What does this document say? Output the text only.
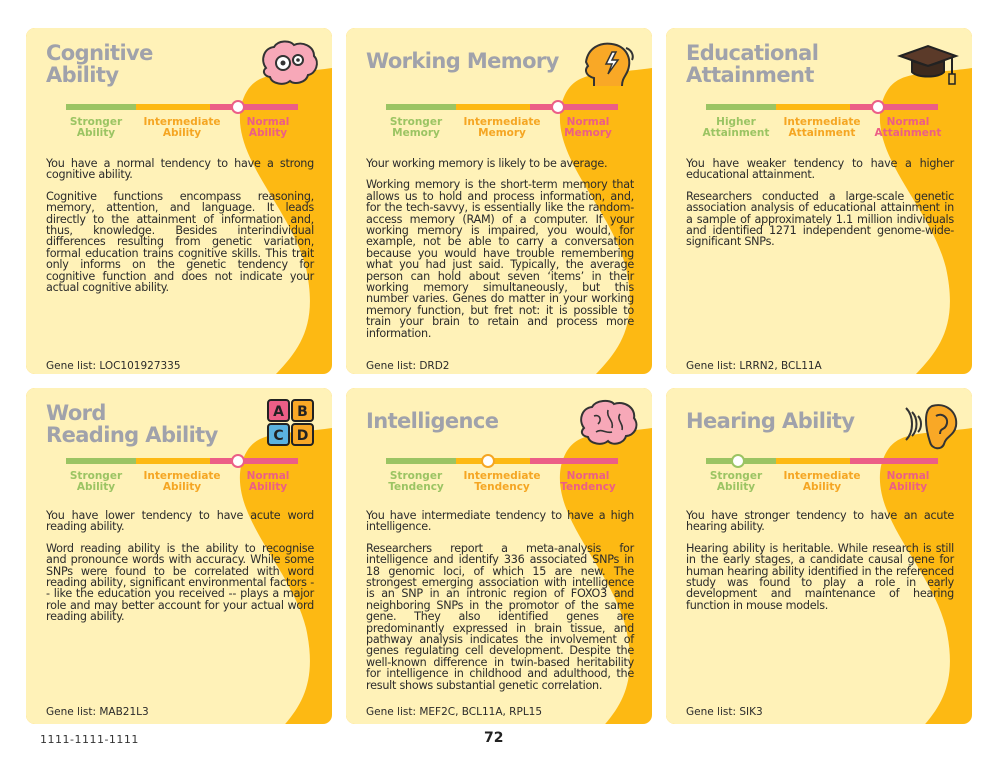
Cognitive
Ability
Stronger
Ability
Intermediate
Ability
Normal
Ability

You have a normal tendency to have a strong cognitive ability.

Cognitive functions encompass reasoning, memory, attention, and language. It leads directly to the attainment of information and, thus, knowledge. Besides interindividual differences resulting from genetic variation, formal education trains cognitive skills. This trait only informs on the genetic tendency for cognitive function and does not indicate your actual cognitive ability.

Gene list: LOC101927335
Working Memory
Stronger
Memory
Intermediate
Memory
Normal
Memory

Your working memory is likely to be average.

Working memory is the short-term memory that allows us to hold and process information, and, for the tech-savvy, is essentially like the random-access memory (RAM) of a computer. If your working memory is impaired, you would, for example, not be able to carry a conversation because you would have trouble remembering what you had just said. Typically, the average person can hold about seven ‘items’ in their working memory simultaneously, but this number varies. Genes do matter in your working memory function, but fret not: it is possible to train your brain to retain and process more information.

Gene list: DRD2
Educational
Attainment
Higher
Attainment
Intermediate
Attainment
Normal
Attainment

You have weaker tendency to have a higher educational attainment.

Researchers conducted a large-scale genetic association analysis of educational attainment in a sample of approximately 1.1 million individuals and identified 1271 independent genome-wide-significant SNPs.

Gene list: LRRN2, BCL11A
Word
Reading Ability
A B
C D
Stronger
Ability
Intermediate
Ability
Normal
Ability

You have lower tendency to have acute word reading ability.

Word reading ability is the ability to recognise and pronounce words with accuracy. While some SNPs were found to be correlated with word reading ability, significant environmental factors -- like the education you received -- plays a major role and may better account for your actual word reading ability.

Gene list: MAB21L3
Intelligence
Stronger
Tendency
Intermediate
Tendency
Normal
Tendency

You have intermediate tendency to have a high intelligence.

Researchers report a meta-analysis for intelligence and identify 336 associated SNPs in 18 genomic loci, of which 15 are new. The strongest emerging association with intelligence is an SNP in an intronic region of FOXO3 and neighboring SNPs in the promotor of the same gene. They also identified genes are predominantly expressed in brain tissue, and pathway analysis indicates the involvement of genes regulating cell development. Despite the well-known difference in twin-based heritability for intelligence in childhood and adulthood, the result shows substantial genetic correlation.

Gene list: MEF2C, BCL11A, RPL15
Hearing Ability
Stronger
Ability
Intermediate
Ability
Normal
Ability

You have stronger tendency to have an acute hearing ability.

Hearing ability is heritable. While research is still in the early stages, a candidate causal gene for human hearing ability identified in the referenced study was found to play a role in early development and maintenance of hearing function in mouse models.

Gene list: SIK3
1111-1111-1111	72
